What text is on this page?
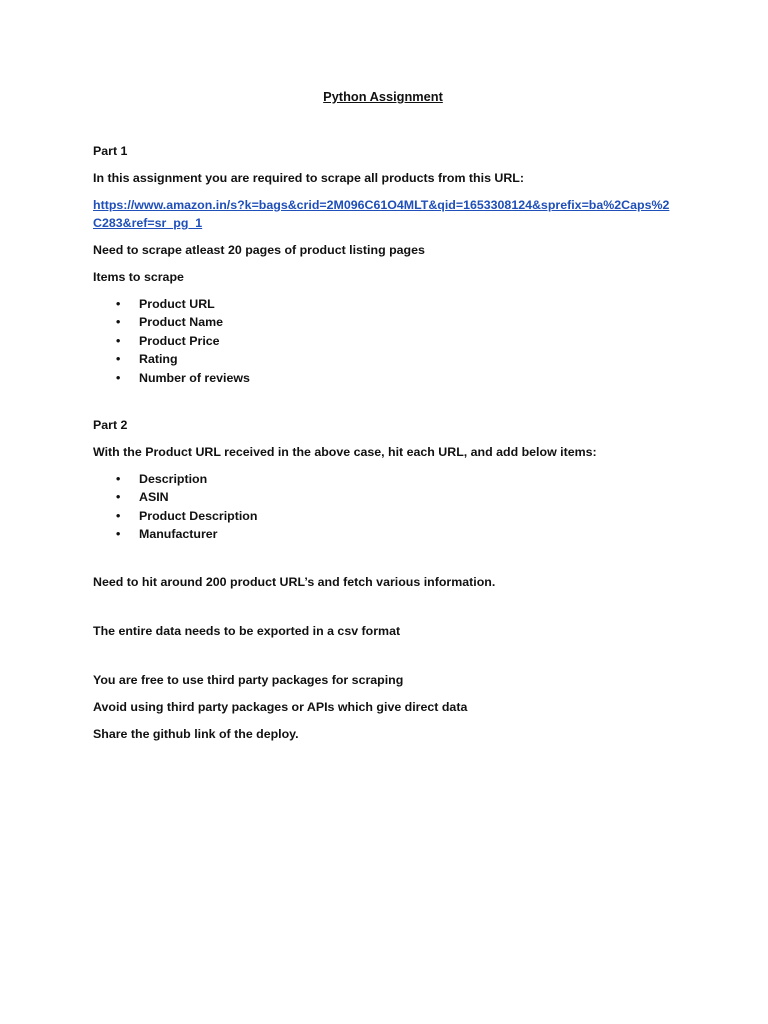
Python Assignment
Part 1
In this assignment you are required to scrape all products from this URL:
https://www.amazon.in/s?k=bags&crid=2M096C61O4MLT&qid=1653308124&sprefix=ba%2Caps%2C283&ref=sr_pg_1
Need to scrape atleast 20 pages of product listing pages
Items to scrape
• Product URL
• Product Name
• Product Price
• Rating
• Number of reviews
Part 2
With the Product URL received in the above case, hit each URL, and add below items:
• Description
• ASIN
• Product Description
• Manufacturer
Need to hit around 200 product URL’s and fetch various information.
The entire data needs to be exported in a csv format
You are free to use third party packages for scraping
Avoid using third party packages or APIs which give direct data
Share the github link of the deploy.
